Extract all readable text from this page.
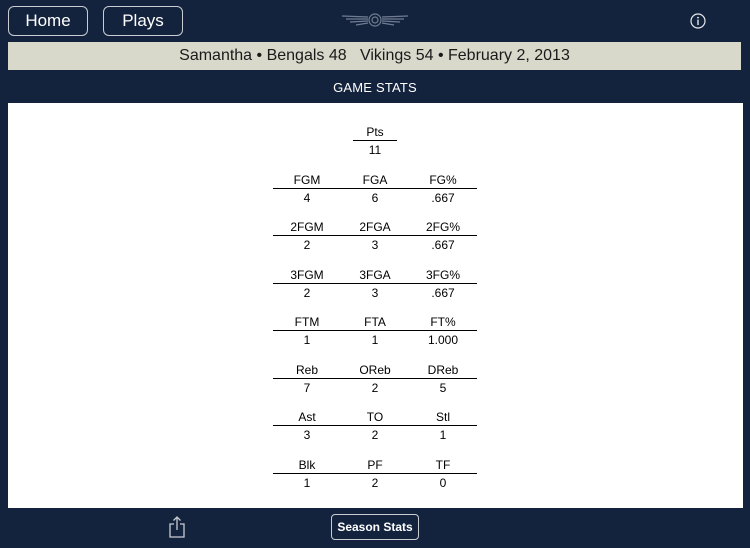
Home	Plays
Samantha • Bengals 48   Vikings 54 • February 2, 2013
GAME STATS
Pts
11
FGM	FGA	FG%
4	6	.667
2FGM	2FGA	2FG%
2	3	.667
3FGM	3FGA	3FG%
2	3	.667
FTM	FTA	FT%
1	1	1.000
Reb	OReb	DReb
7	2	5
Ast	TO	Stl
3	2	1
Blk	PF	TF
1	2	0
Season Stats
